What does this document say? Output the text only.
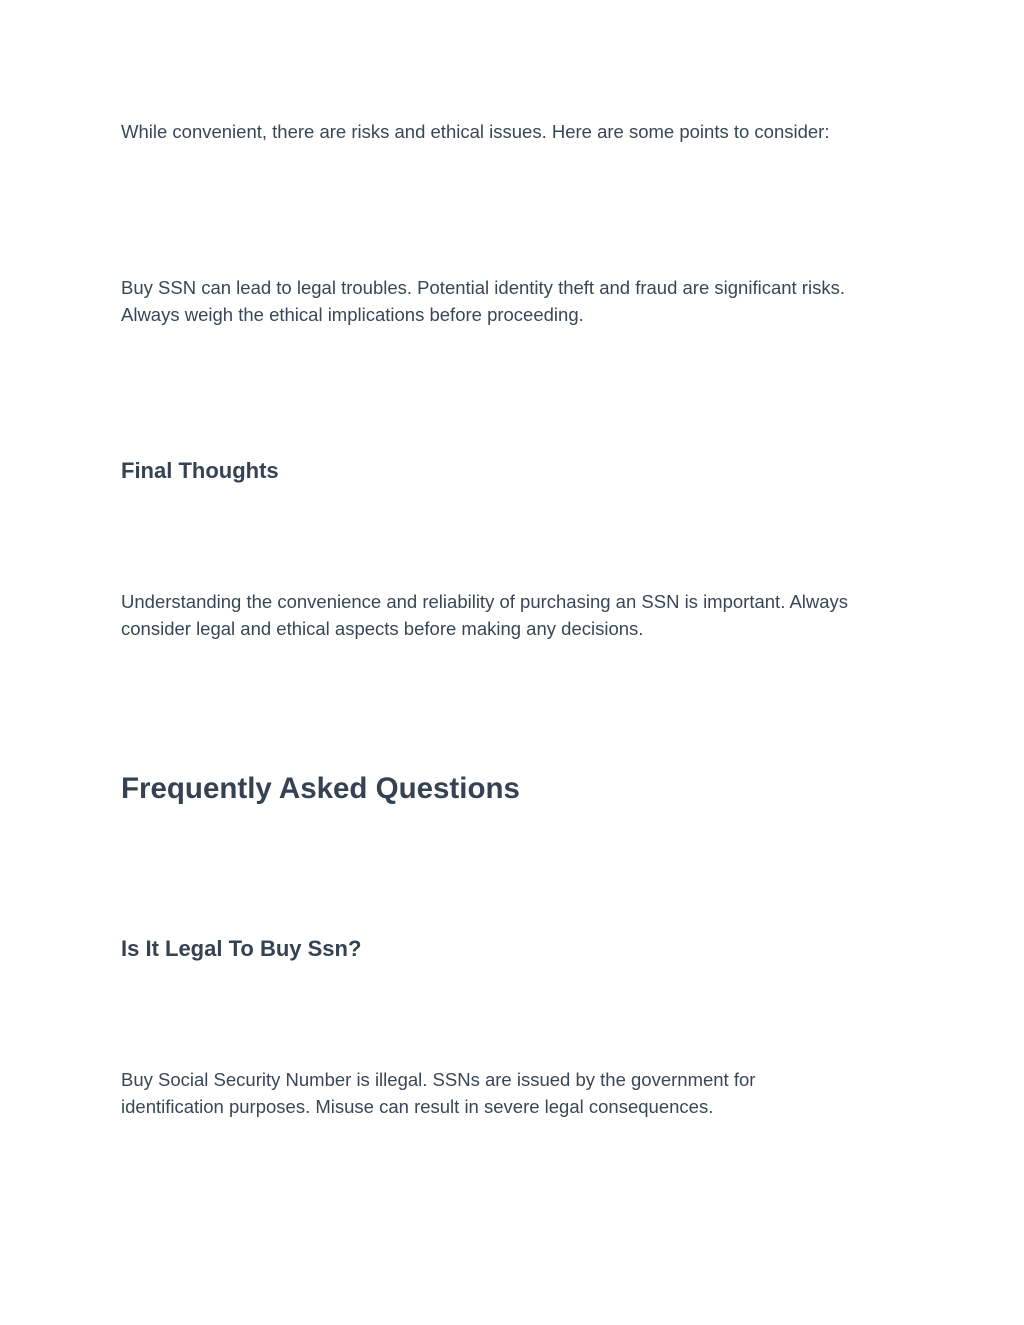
While convenient, there are risks and ethical issues. Here are some points to consider:

Buy SSN can lead to legal troubles. Potential identity theft and fraud are significant risks. Always weigh the ethical implications before proceeding.

Final Thoughts

Understanding the convenience and reliability of purchasing an SSN is important. Always consider legal and ethical aspects before making any decisions.

Frequently Asked Questions
Is It Legal To Buy Ssn?

Buy Social Security Number is illegal. SSNs are issued by the government for identification purposes. Misuse can result in severe legal consequences.
